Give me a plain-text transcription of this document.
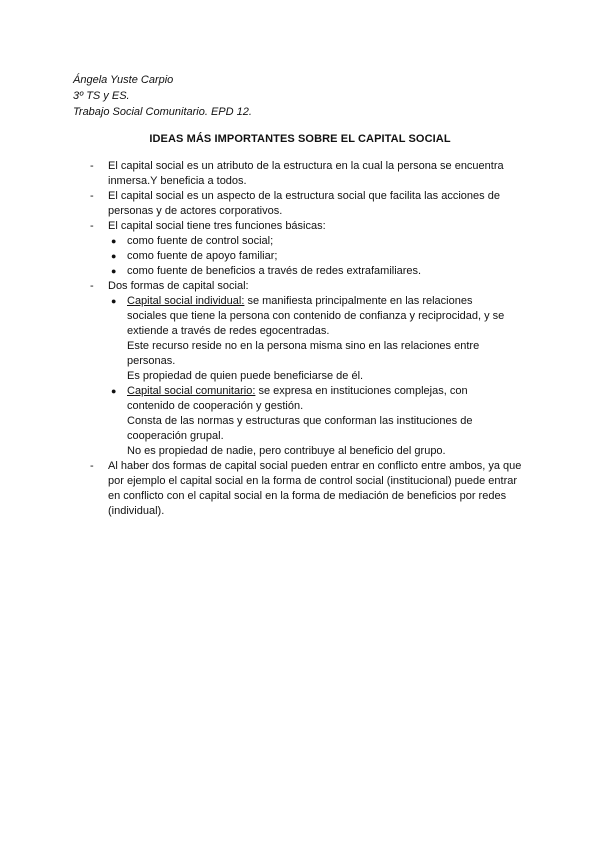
Ángela Yuste Carpio
3º TS y ES.
Trabajo Social Comunitario. EPD 12.
IDEAS MÁS IMPORTANTES SOBRE EL CAPITAL SOCIAL
- El capital social es un atributo de la estructura en la cual la persona se encuentra
inmersa.Y beneficia a todos.
- El capital social es un aspecto de la estructura social que facilita las acciones de
personas y de actores corporativos.
- El capital social tiene tres funciones básicas:
● como fuente de control social;
● como fuente de apoyo familiar;
● como fuente de beneficios a través de redes extrafamiliares.
- Dos formas de capital social:
● Capital social individual: se manifiesta principalmente en las relaciones
sociales que tiene la persona con contenido de confianza y reciprocidad, y se
extiende a través de redes egocentradas.
Este recurso reside no en la persona misma sino en las relaciones entre
personas.
Es propiedad de quien puede beneficiarse de él.
● Capital social comunitario: se expresa en instituciones complejas, con
contenido de cooperación y gestión.
Consta de las normas y estructuras que conforman las instituciones de
cooperación grupal.
No es propiedad de nadie, pero contribuye al beneficio del grupo.
- Al haber dos formas de capital social pueden entrar en conflicto entre ambos, ya que
por ejemplo el capital social en la forma de control social (institucional) puede entrar
en conflicto con el capital social en la forma de mediación de beneficios por redes
(individual).
